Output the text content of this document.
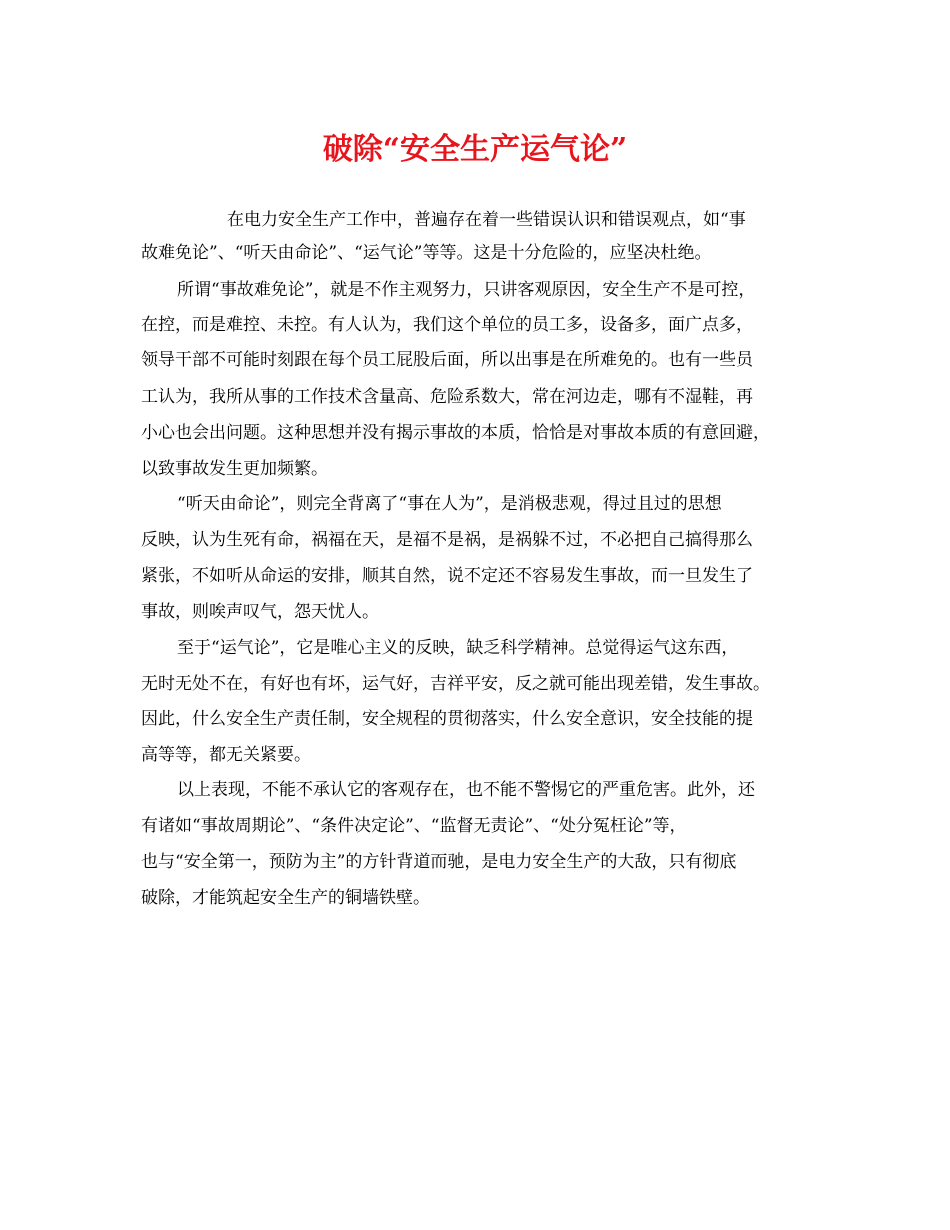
破除“安全生产运气论”

在电力安全生产工作中，普遍存在着一些错误认识和错误观点，如“事

故难免论”、“听天由命论”、“运气论”等等。这是十分危险的，应坚决杜绝。

所谓“事故难免论”，就是不作主观努力，只讲客观原因，安全生产不是可控，

在控，而是难控、未控。有人认为，我们这个单位的员工多，设备多，面广点多，

领导干部不可能时刻跟在每个员工屁股后面，所以出事是在所难免的。也有一些员

工认为，我所从事的工作技术含量高、危险系数大，常在河边走，哪有不湿鞋，再

小心也会出问题。这种思想并没有揭示事故的本质，恰恰是对事故本质的有意回避，

以致事故发生更加频繁。

“听天由命论”，则完全背离了“事在人为”，是消极悲观，得过且过的思想

反映，认为生死有命，祸福在天，是福不是祸，是祸躲不过，不必把自己搞得那么

紧张，不如听从命运的安排，顺其自然，说不定还不容易发生事故，而一旦发生了

事故，则唉声叹气，怨天忧人。

至于“运气论”，它是唯心主义的反映，缺乏科学精神。总觉得运气这东西，

无时无处不在，有好也有坏，运气好，吉祥平安，反之就可能出现差错，发生事故。

因此，什么安全生产责任制，安全规程的贯彻落实，什么安全意识，安全技能的提

高等等，都无关紧要。

以上表现，不能不承认它的客观存在，也不能不警惕它的严重危害。此外，还

有诸如“事故周期论”、“条件决定论”、“监督无责论”、“处分冤枉论”等，

也与“安全第一，预防为主”的方针背道而驰，是电力安全生产的大敌，只有彻底

破除，才能筑起安全生产的铜墙铁壁。
